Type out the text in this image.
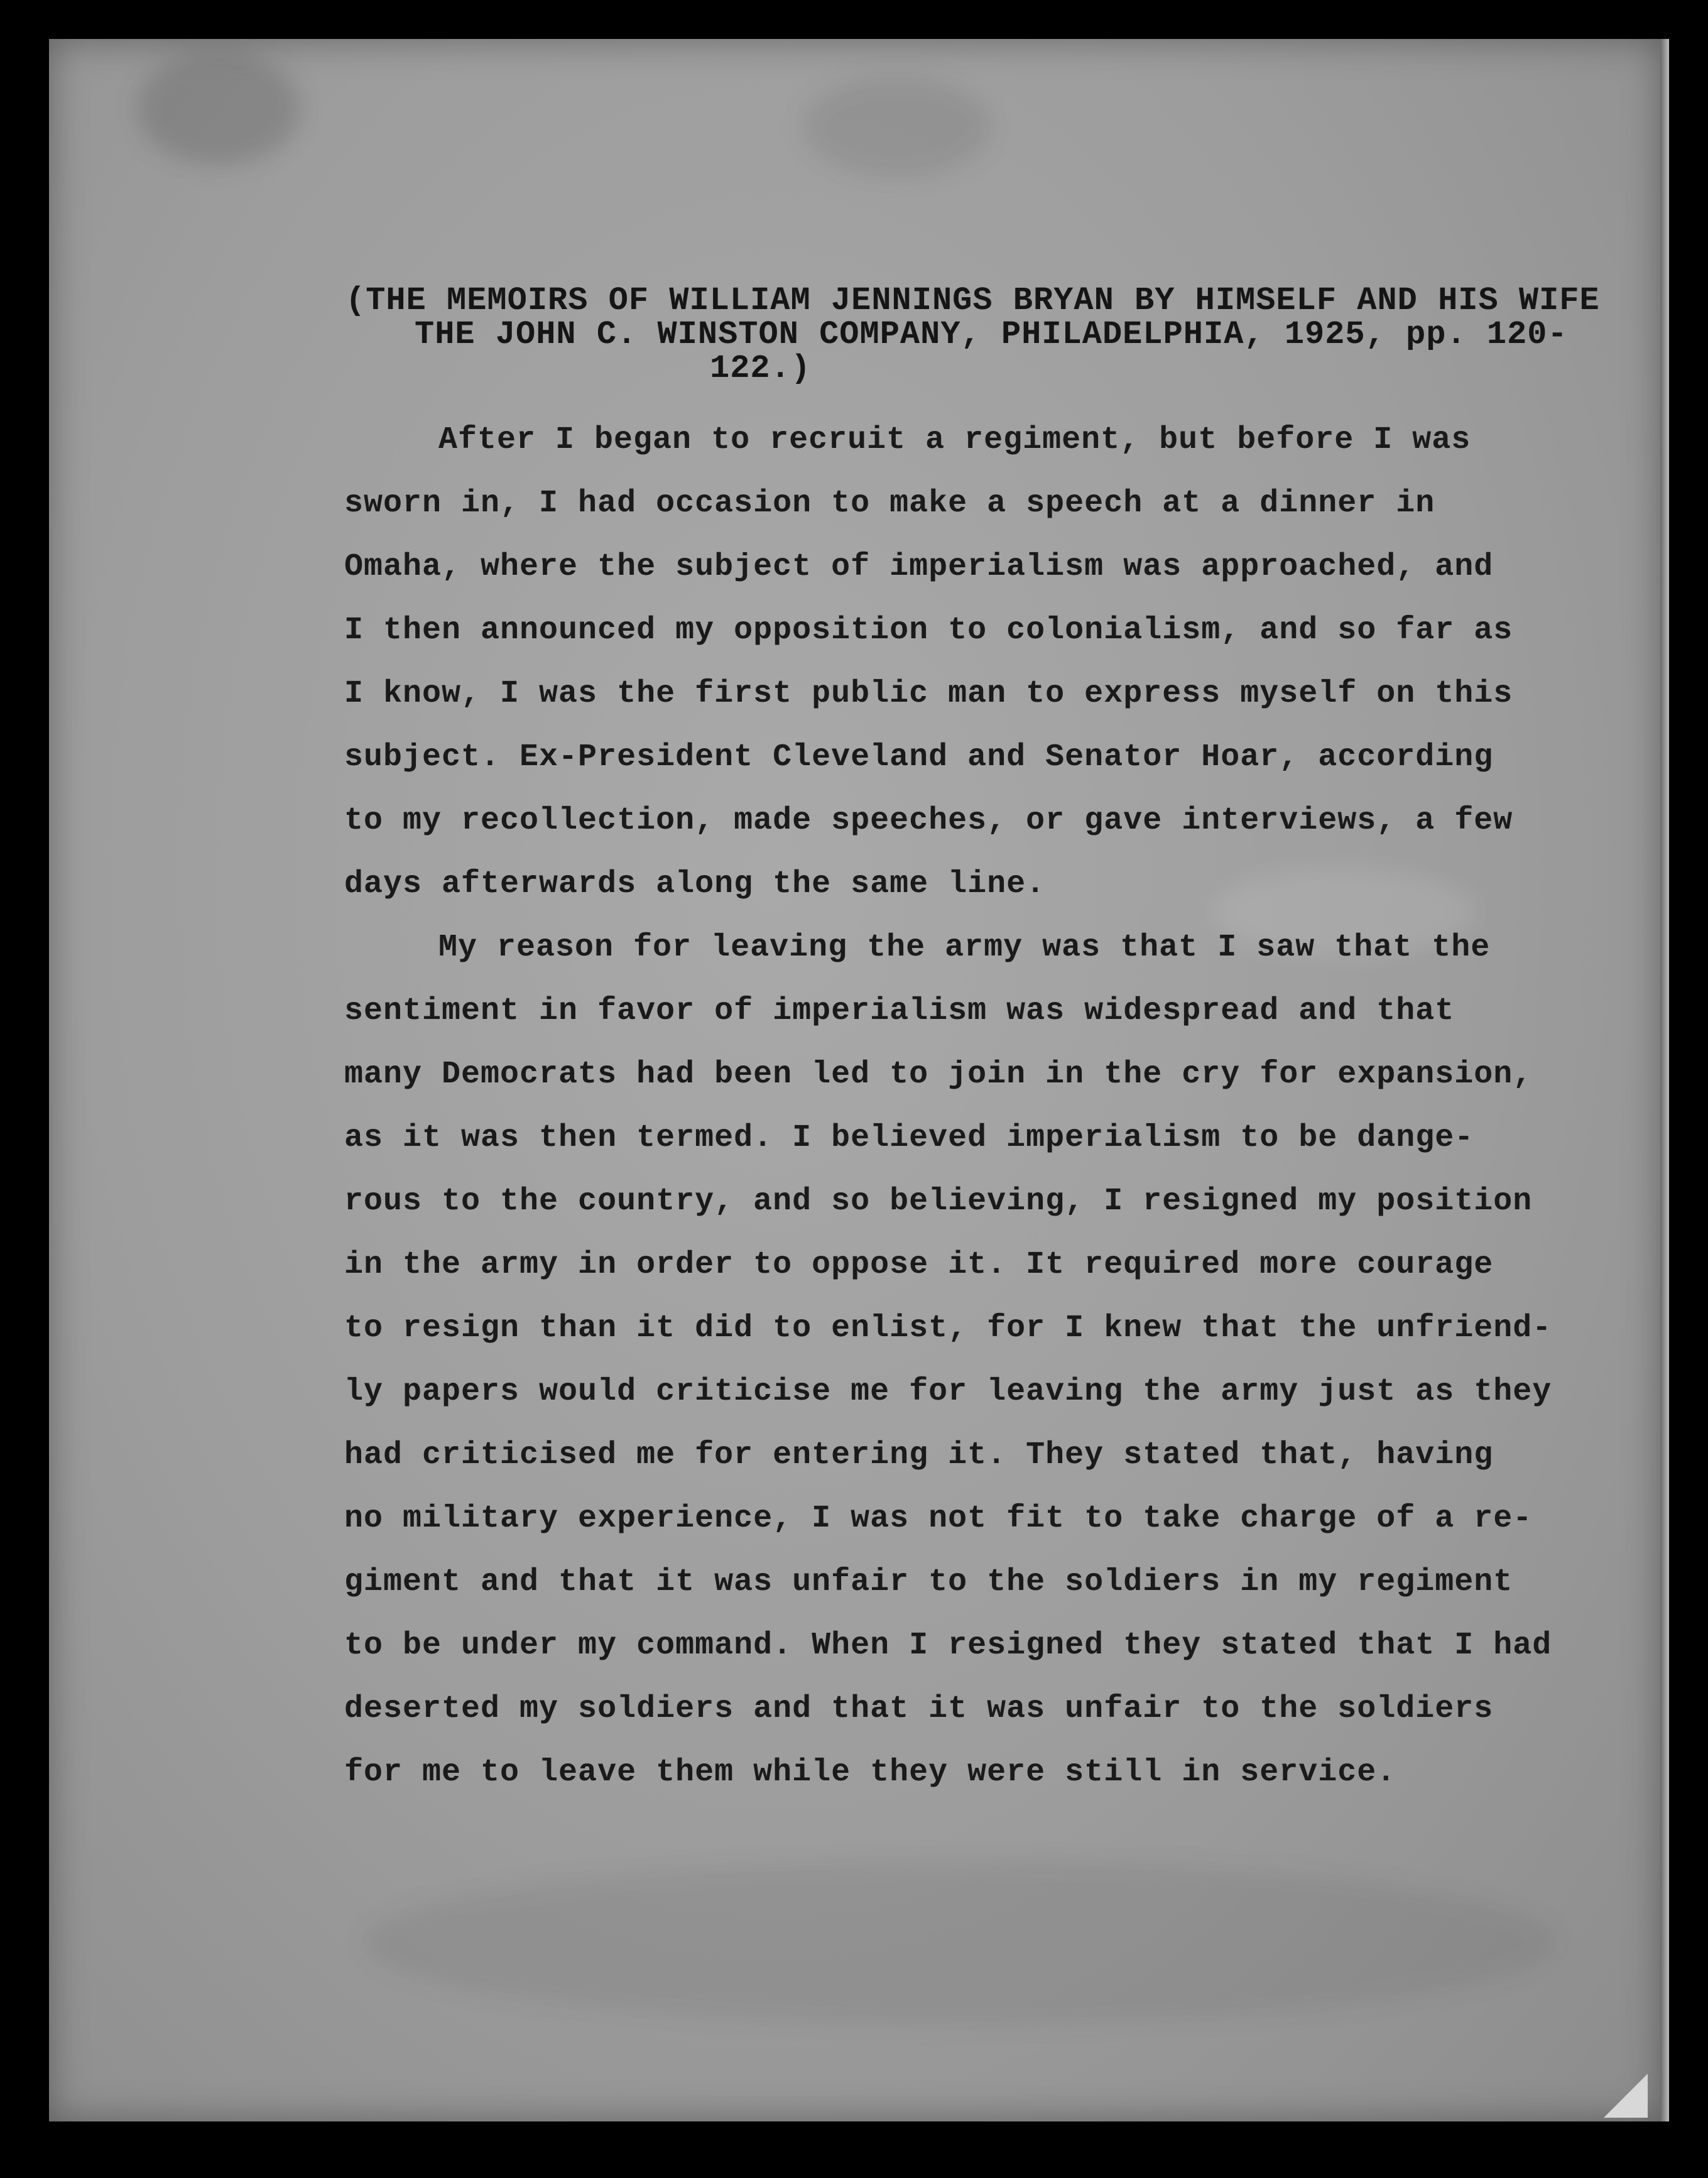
(THE MEMOIRS OF WILLIAM JENNINGS BRYAN BY HIMSELF AND HIS WIFE
THE JOHN C. WINSTON COMPANY, PHILADELPHIA, 1925, pp. 120-
122.)
After I began to recruit a regiment, but before I was
sworn in, I had occasion to make a speech at a dinner in
Omaha, where the subject of imperialism was approached, and
I then announced my opposition to colonialism, and so far as
I know, I was the first public man to express myself on this
subject. Ex-President Cleveland and Senator Hoar, according
to my recollection, made speeches, or gave interviews, a few
days afterwards along the same line.
My reason for leaving the army was that I saw that the
sentiment in favor of imperialism was widespread and that
many Democrats had been led to join in the cry for expansion,
as it was then termed. I believed imperialism to be dange-
rous to the country, and so believing, I resigned my position
in the army in order to oppose it. It required more courage
to resign than it did to enlist, for I knew that the unfriend-
ly papers would criticise me for leaving the army just as they
had criticised me for entering it. They stated that, having
no military experience, I was not fit to take charge of a re-
giment and that it was unfair to the soldiers in my regiment
to be under my command. When I resigned they stated that I had
deserted my soldiers and that it was unfair to the soldiers
for me to leave them while they were still in service.
